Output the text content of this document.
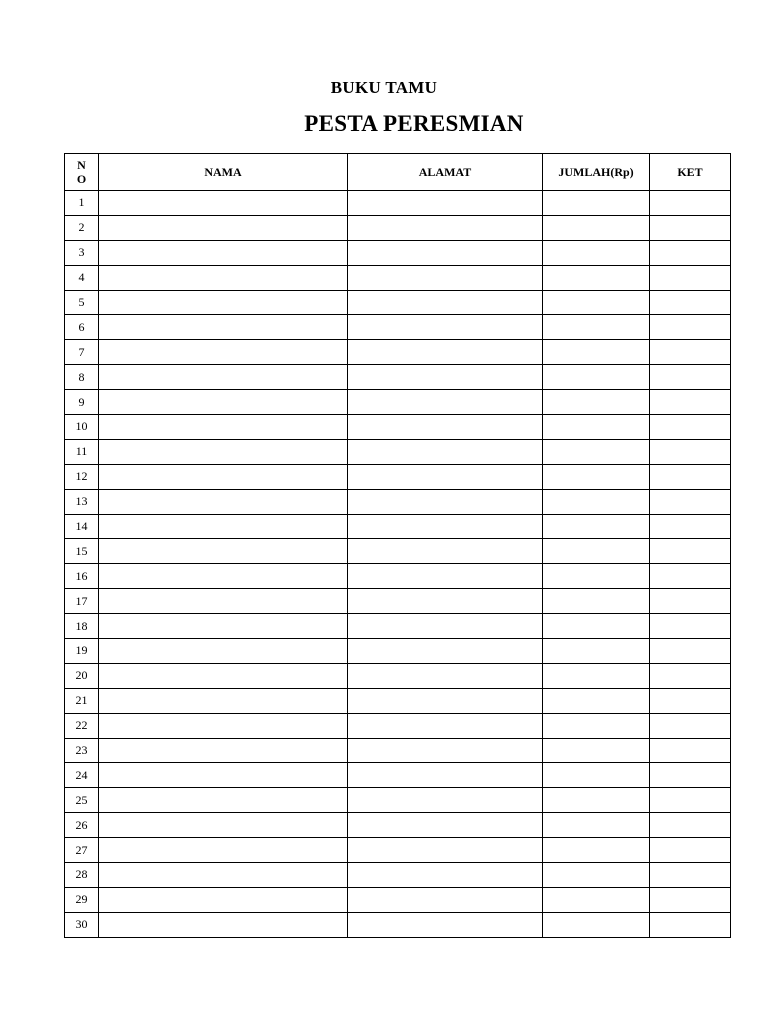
BUKU TAMU
PESTA PERESMIAN
N
O	NAMA	ALAMAT	JUMLAH(Rp)	KET
1				
2				
3				
4				
5				
6				
7				
8				
9				
10				
11				
12				
13				
14				
15				
16				
17				
18				
19				
20				
21				
22				
23				
24				
25				
26				
27				
28				
29				
30				
